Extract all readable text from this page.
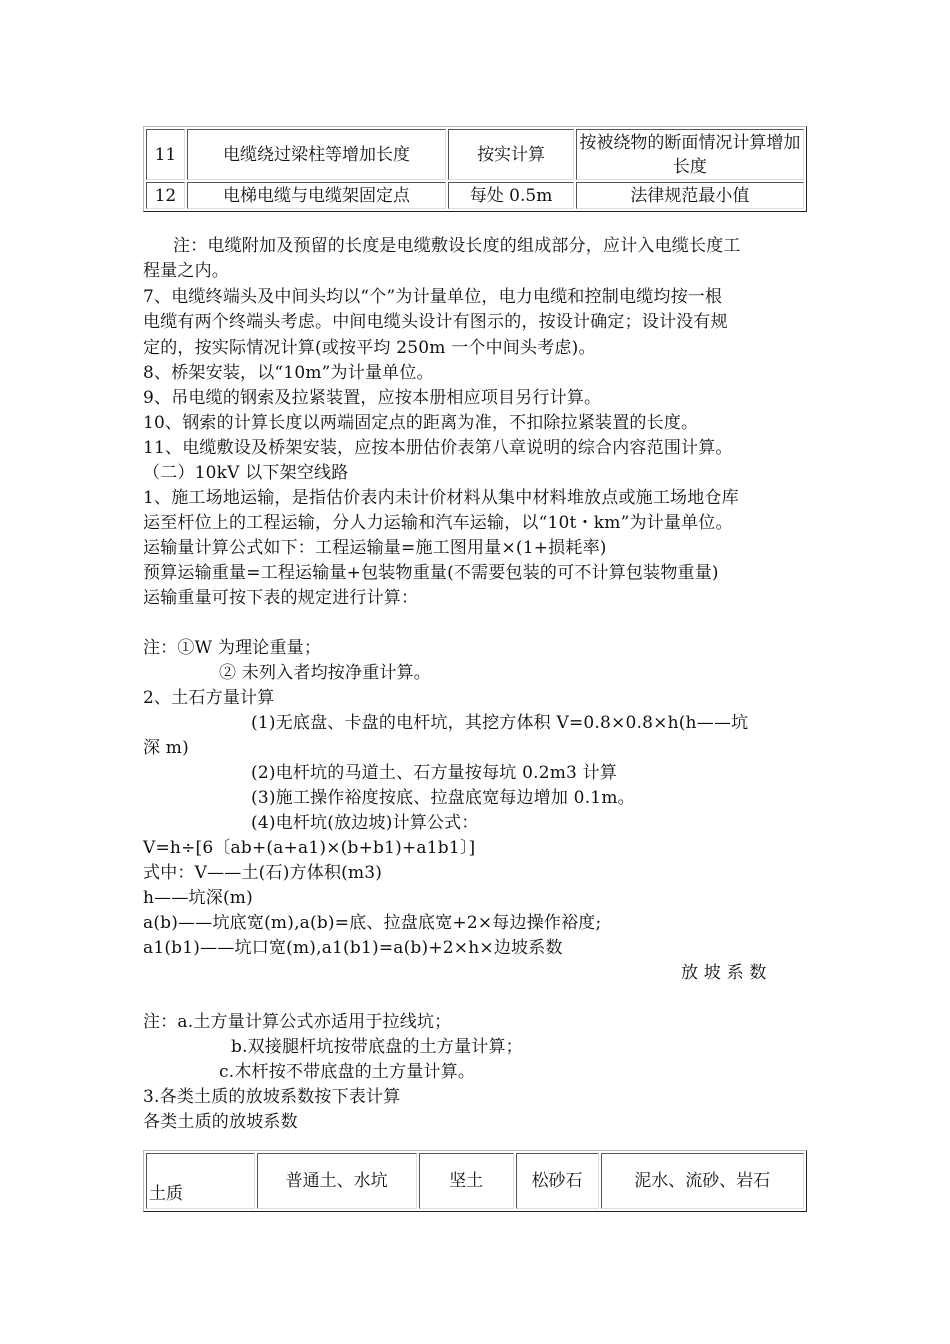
11	电缆绕过梁柱等增加长度	按实计算	按被绕物的断面情况计算增加长度
12	电梯电缆与电缆架固定点	每处 0.5m	法律规范最小值
注：电缆附加及预留的长度是电缆敷设长度的组成部分，应计入电缆长度工
程量之内。
7、电缆终端头及中间头均以“个”为计量单位，电力电缆和控制电缆均按一根
电缆有两个终端头考虑。中间电缆头设计有图示的，按设计确定；设计没有规
定的，按实际情况计算(或按平均 250m 一个中间头考虑)。
8、桥架安装，以“10m”为计量单位。
9、吊电缆的钢索及拉紧装置，应按本册相应项目另行计算。
10、钢索的计算长度以两端固定点的距离为准，不扣除拉紧装置的长度。
11、电缆敷设及桥架安装，应按本册估价表第八章说明的综合内容范围计算。
（二）10kV 以下架空线路
1、施工场地运输，是指估价表内未计价材料从集中材料堆放点或施工场地仓库
运至杆位上的工程运输，分人力运输和汽车运输，以“10t・km”为计量单位。
运输量计算公式如下：工程运输量=施工图用量×(1+损耗率)
预算运输重量=工程运输量+包装物重量(不需要包装的可不计算包装物重量)
运输重量可按下表的规定进行计算：
注：①W 为理论重量；
② 未列入者均按净重计算。
2、土石方量计算
(1)无底盘、卡盘的电杆坑，其挖方体积 V=0.8×0.8×h(h——坑
深 m)
(2)电杆坑的马道土、石方量按每坑 0.2m3 计算
(3)施工操作裕度按底、拉盘底宽每边增加 0.1m。
(4)电杆坑(放边坡)计算公式：
V=h÷[6〔ab+(a+a1)×(b+b1)+a1b1〕]
式中：V——土(石)方体积(m3)
h——坑深(m)
a(b)——坑底宽(m),a(b)=底、拉盘底宽+2×每边操作裕度;
a1(b1)——坑口宽(m),a1(b1)=a(b)+2×h×边坡系数
放 坡 系 数
注：a.土方量计算公式亦适用于拉线坑；
b.双接腿杆坑按带底盘的土方量计算；
c.木杆按不带底盘的土方量计算。
3.各类土质的放坡系数按下表计算
各类土质的放坡系数
土质	普通土、水坑	坚土	松砂石	泥水、流砂、岩石
